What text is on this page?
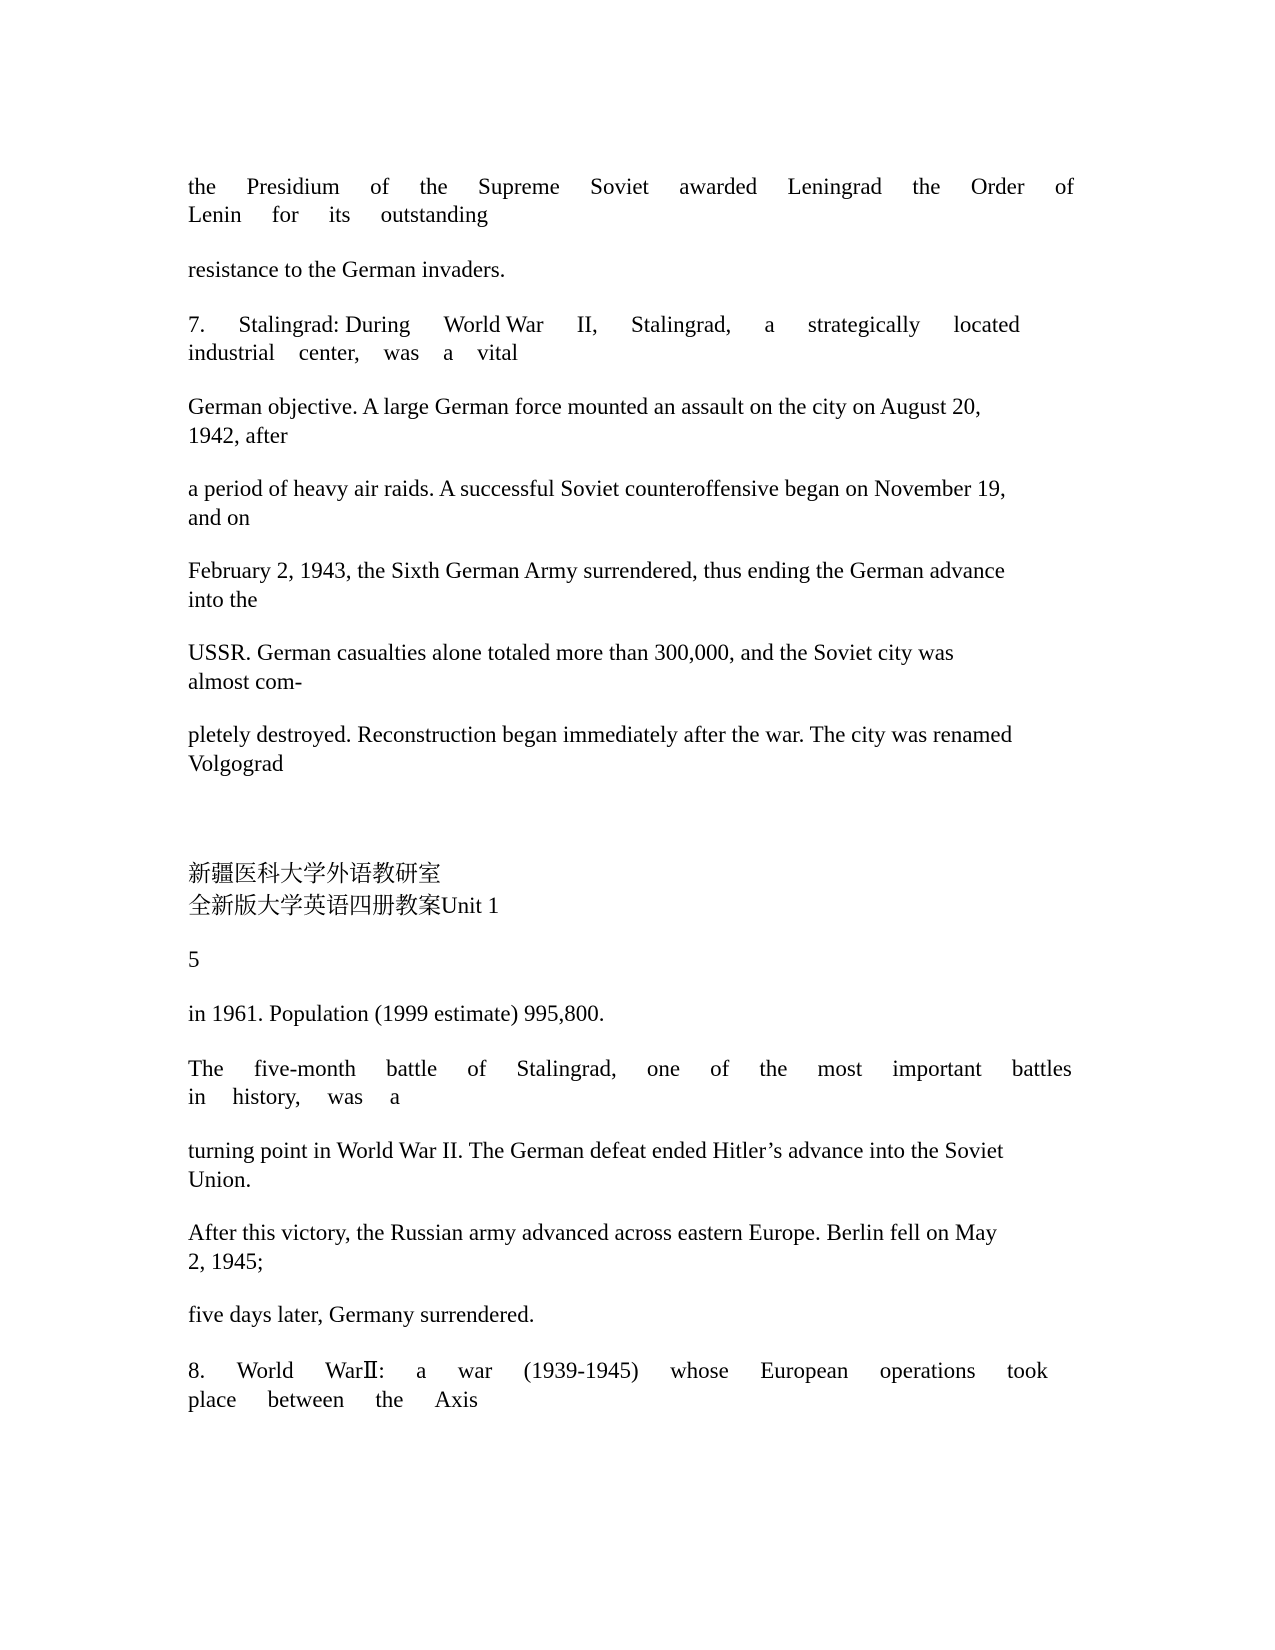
the Presidium of the Supreme Soviet awarded Leningrad the Order of
Lenin for its outstanding

resistance to the German invaders.

7. Stalingrad: During World War II, Stalingrad, a strategically located
industrial center, was a vital
German objective. A large German force mounted an assault on the city on August 20,
1942, after
a period of heavy air raids. A successful Soviet counteroffensive began on November 19,
and on
February 2, 1943, the Sixth German Army surrendered, thus ending the German advance
into the
USSR. German casualties alone totaled more than 300,000, and the Soviet city was
almost com-
pletely destroyed. Reconstruction began immediately after the war. The city was renamed
Volgograd
新疆医科大学外语教研室
全新版大学英语四册教案Unit 1

5

in 1961. Population (1999 estimate) 995,800.

The five-month battle of Stalingrad, one of the most important battles
in history, was a
turning point in World War II. The German defeat ended Hitler’s advance into the Soviet
Union.
After this victory, the Russian army advanced across eastern Europe. Berlin fell on May
2, 1945;

five days later, Germany surrendered.

8. World WarⅡ: a war (1939-1945) whose European operations took
place between the Axis
